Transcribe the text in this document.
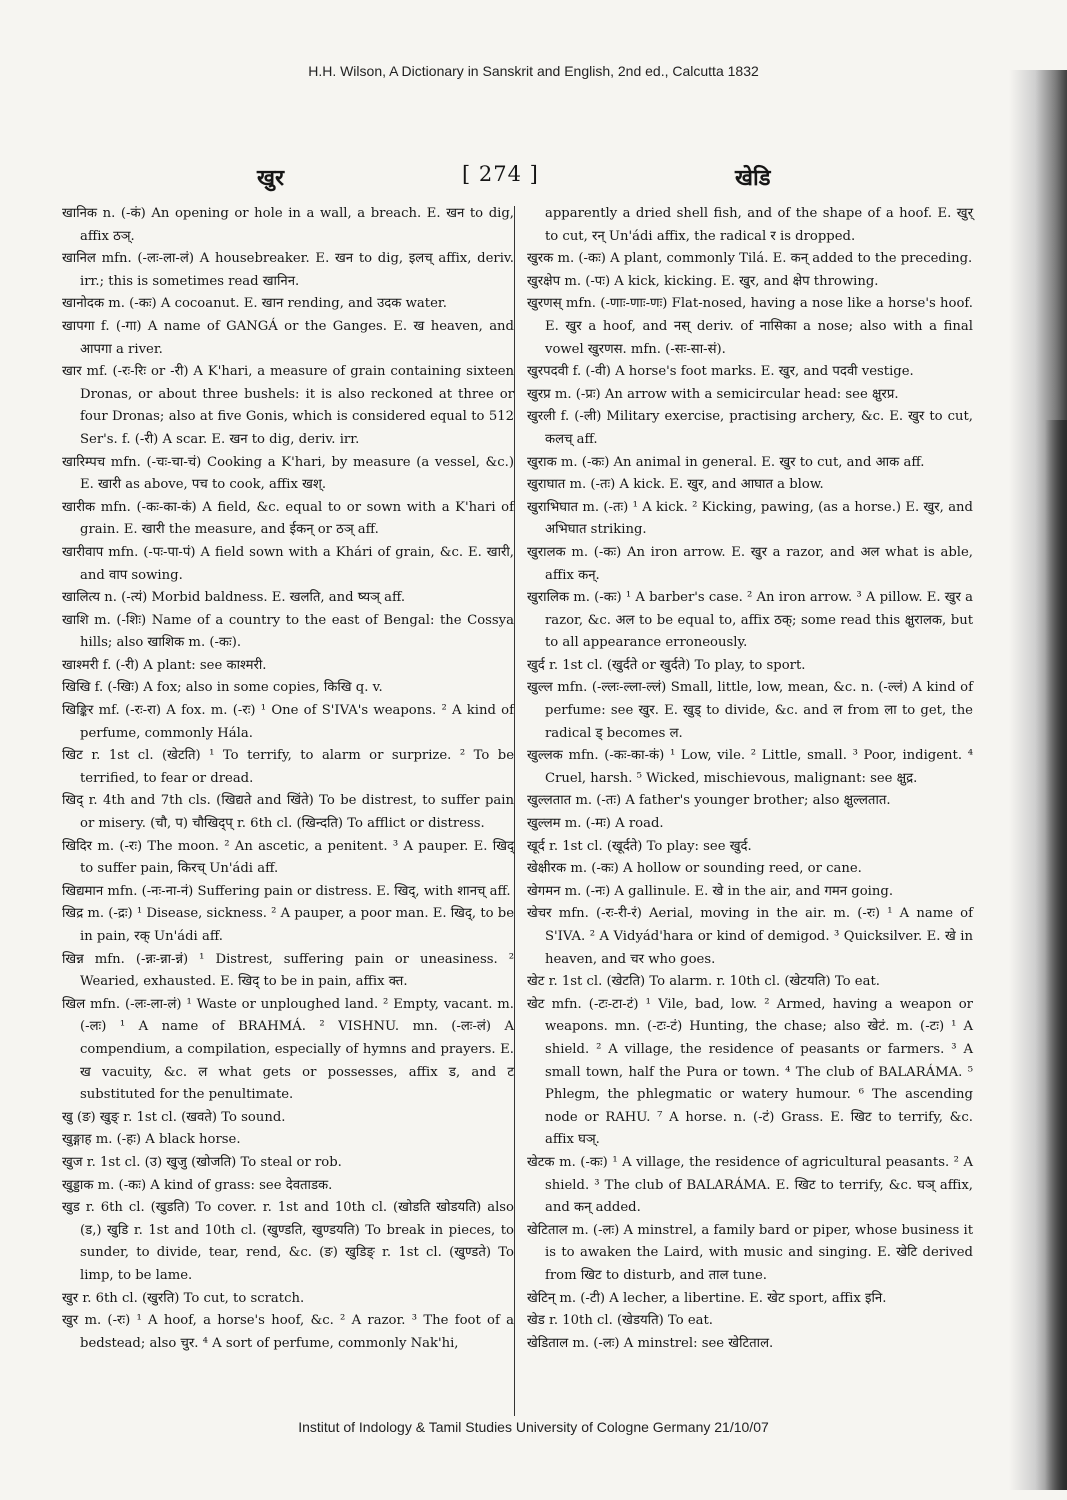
H.H. Wilson, A Dictionary in Sanskrit and English, 2nd ed., Calcutta 1832
खुर	[ 274 ]	खेडि

खानिक n. (-कं) An opening or hole in a wall, a breach. E. खन to dig, affix ठञ्.

खानिल mfn. (-लः-ला-लं) A housebreaker. E. खन to dig, इलच् affix, deriv. irr.; this is sometimes read खानिन.

खानोदक m. (-कः) A cocoanut. E. खान rending, and उदक water.

खापगा f. (-गा) A name of GANGÁ or the Ganges. E. ख heaven, and आपगा a river.

खार mf. (-रः-रिः or -री) A K'hari, a measure of grain containing sixteen Dronas, or about three bushels: it is also reckoned at three or four Dronas; also at five Gonis, which is considered equal to 512 Ser's. f. (-री) A scar. E. खन to dig, deriv. irr.

खारिम्पच mfn. (-चः-चा-चं) Cooking a K'hari, by measure (a vessel, &c.) E. खारी as above, पच to cook, affix खश्.

खारीक mfn. (-कः-का-कं) A field, &c. equal to or sown with a K'hari of grain. E. खारी the measure, and ईकन् or ठञ् aff.

खारीवाप mfn. (-पः-पा-पं) A field sown with a Khári of grain, &c. E. खारी, and वाप sowing.

खालित्य n. (-त्यं) Morbid baldness. E. खलति, and ष्यञ् aff.

खाशि m. (-शिः) Name of a country to the east of Bengal: the Cossya hills; also खाशिक m. (-कः).

खाश्मरी f. (-री) A plant: see काश्मरी.

खिखि f. (-खिः) A fox; also in some copies, किखि q. v.

खिङ्किर mf. (-रः-रा) A fox. m. (-रः) ¹ One of S'IVA's weapons. ² A kind of perfume, commonly Hála.

खिट r. 1st cl. (खेटति) ¹ To terrify, to alarm or surprize. ² To be terrified, to fear or dread.

खिद् r. 4th and 7th cls. (खिद्यते and खिंते) To be distrest, to suffer pain or misery. (चौ, प) चौखिद्प् r. 6th cl. (खिन्दति) To afflict or distress.

खिदिर m. (-रः) The moon. ² An ascetic, a penitent. ³ A pauper. E. खिद् to suffer pain, किरच् Un'ádi aff.

खिद्यमान mfn. (-नः-ना-नं) Suffering pain or distress. E. खिद्, with शानच् aff.

खिद्र m. (-द्रः) ¹ Disease, sickness. ² A pauper, a poor man. E. खिद्, to be in pain, रक् Un'ádi aff.

खिन्न mfn. (-न्नः-न्ना-न्नं) ¹ Distrest, suffering pain or uneasiness. ² Wearied, exhausted. E. खिद् to be in pain, affix क्त.

खिल mfn. (-लः-ला-लं) ¹ Waste or unploughed land. ² Empty, vacant. m. (-लः) ¹ A name of BRAHMÁ. ² VISHNU. mn. (-लः-लं) A compendium, a compilation, especially of hymns and prayers. E. ख vacuity, &c. ल what gets or possesses, affix ड, and ट substituted for the penultimate.

खु (ङ) खुङ् r. 1st cl. (खवते) To sound.

खुङ्गाह m. (-हः) A black horse.

खुज r. 1st cl. (उ) खुजु (खोजति) To steal or rob.

खुड्डाक m. (-कः) A kind of grass: see देवताडक.

खुड r. 6th cl. (खुडति) To cover. r. 1st and 10th cl. (खोडति खोडयति) also (ड,) खुडि r. 1st and 10th cl. (खुण्डति, खुण्डयति) To break in pieces, to sunder, to divide, tear, rend, &c. (ङ) खुडिङ् r. 1st cl. (खुण्डते) To limp, to be lame.

खुर r. 6th cl. (खुरति) To cut, to scratch.

खुर m. (-रः) ¹ A hoof, a horse's hoof, &c. ² A razor. ³ The foot of a bedstead; also चुर. ⁴ A sort of perfume, commonly Nak'hi,

apparently a dried shell fish, and of the shape of a hoof. E. खुर् to cut, रन् Un'ádi affix, the radical र is dropped.

खुरक m. (-कः) A plant, commonly Tilá. E. कन् added to the preceding.

खुरक्षेप m. (-पः) A kick, kicking. E. खुर, and क्षेप throwing.

खुरणस् mfn. (-णाः-णाः-णः) Flat-nosed, having a nose like a horse's hoof. E. खुर a hoof, and नस् deriv. of नासिका a nose; also with a final vowel खुरणस. mfn. (-सः-सा-सं).

खुरपदवी f. (-वी) A horse's foot marks. E. खुर, and पदवी vestige.

खुरप्र m. (-प्रः) An arrow with a semicircular head: see क्षुरप्र.

खुरली f. (-ली) Military exercise, practising archery, &c. E. खुर to cut, कलच् aff.

खुराक m. (-कः) An animal in general. E. खुर to cut, and आक aff.

खुराघात m. (-तः) A kick. E. खुर, and आघात a blow.

खुराभिघात m. (-तः) ¹ A kick. ² Kicking, pawing, (as a horse.) E. खुर, and अभिघात striking.

खुरालक m. (-कः) An iron arrow. E. खुर a razor, and अल what is able, affix कन्.

खुरालिक m. (-कः) ¹ A barber's case. ² An iron arrow. ³ A pillow. E. खुर a razor, &c. अल to be equal to, affix ठक्; some read this क्षुरालक, but to all appearance erroneously.

खुर्द r. 1st cl. (खुर्दते or खुर्दते) To play, to sport.

खुल्ल mfn. (-ल्लः-ल्ला-ल्लं) Small, little, low, mean, &c. n. (-ल्लं) A kind of perfume: see खुर. E. खुड् to divide, &c. and ल from ला to get, the radical ड् becomes ल.

खुल्लक mfn. (-कः-का-कं) ¹ Low, vile. ² Little, small. ³ Poor, indigent. ⁴ Cruel, harsh. ⁵ Wicked, mischievous, malignant: see क्षुद्र.

खुल्लतात m. (-तः) A father's younger brother; also क्षुल्लतात.

खुल्लम m. (-मः) A road.

खूर्द r. 1st cl. (खूर्दते) To play: see खुर्द.

खेक्षीरक m. (-कः) A hollow or sounding reed, or cane.

खेगमन m. (-नः) A gallinule. E. खे in the air, and गमन going.

खेचर mfn. (-रः-री-रं) Aerial, moving in the air. m. (-रः) ¹ A name of S'IVA. ² A Vidyád'hara or kind of demigod. ³ Quicksilver. E. खे in heaven, and चर who goes.

खेट r. 1st cl. (खेटति) To alarm. r. 10th cl. (खेटयति) To eat.

खेट mfn. (-टः-टा-टं) ¹ Vile, bad, low. ² Armed, having a weapon or weapons. mn. (-टः-टं) Hunting, the chase; also खेटं. m. (-टः) ¹ A shield. ² A village, the residence of peasants or farmers. ³ A small town, half the Pura or town. ⁴ The club of BALARÁMA. ⁵ Phlegm, the phlegmatic or watery humour. ⁶ The ascending node or RAHU. ⁷ A horse. n. (-टं) Grass. E. खिट to terrify, &c. affix घञ्.

खेटक m. (-कः) ¹ A village, the residence of agricultural peasants. ² A shield. ³ The club of BALARÁMA. E. खिट to terrify, &c. घञ् affix, and कन् added.

खेटिताल m. (-लः) A minstrel, a family bard or piper, whose business it is to awaken the Laird, with music and singing. E. खेटि derived from खिट to disturb, and ताल tune.

खेटिन् m. (-टी) A lecher, a libertine. E. खेट sport, affix इनि.

खेड r. 10th cl. (खेडयति) To eat.

खेडिताल m. (-लः) A minstrel: see खेटिताल.

Institut of Indology & Tamil Studies University of Cologne Germany 21/10/07
